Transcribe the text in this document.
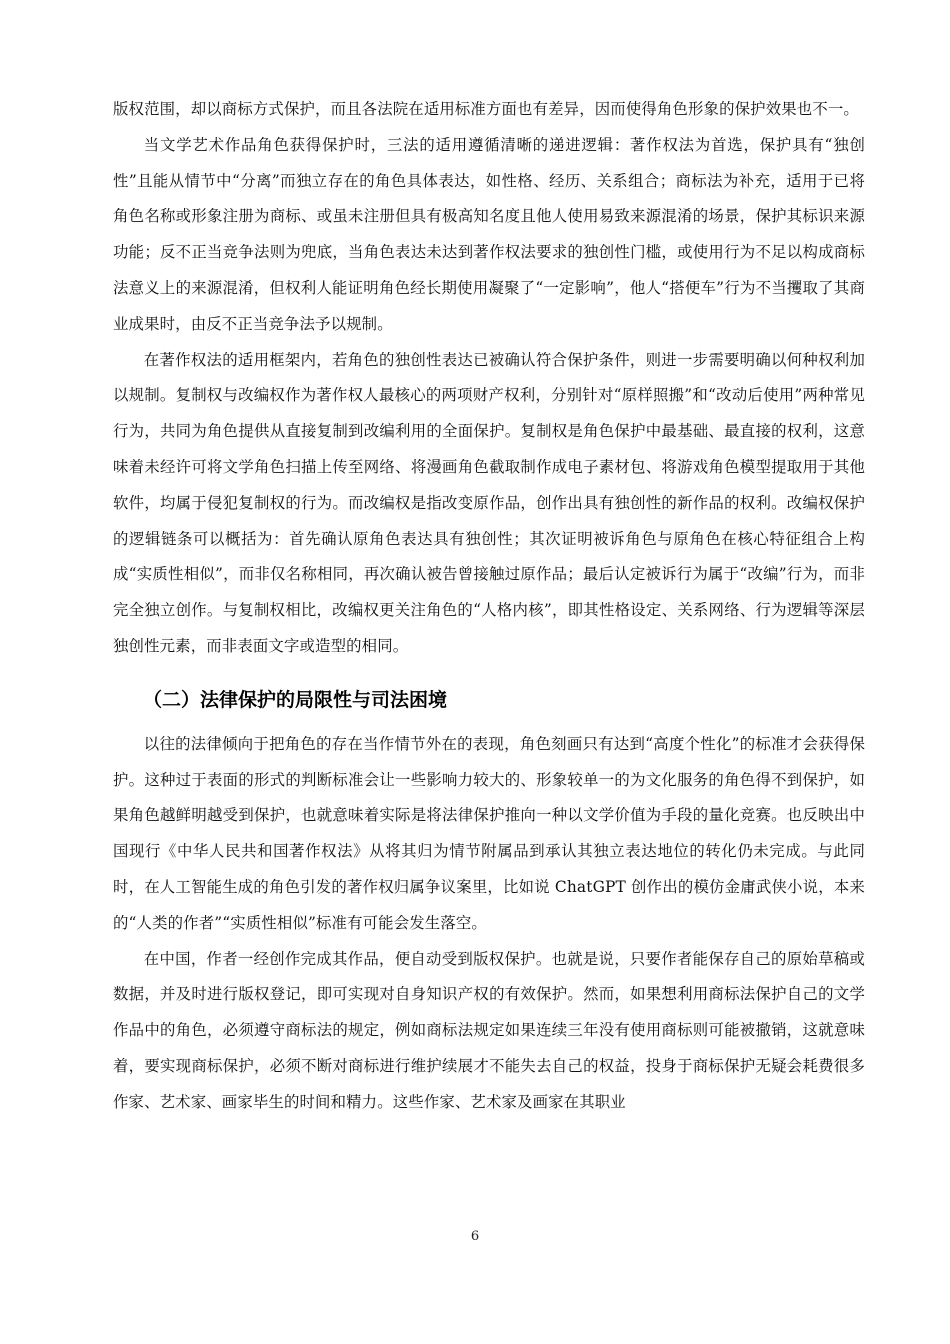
版权范围，却以商标方式保护，而且各法院在适用标准方面也有差异，因而使得角色形象的保护效果也不一。

当文学艺术作品角色获得保护时，三法的适用遵循清晰的递进逻辑：著作权法为首选，保护具有“独创性”且能从情节中“分离”而独立存在的角色具体表达，如性格、经历、关系组合；商标法为补充，适用于已将角色名称或形象注册为商标、或虽未注册但具有极高知名度且他人使用易致来源混淆的场景，保护其标识来源功能；反不正当竞争法则为兜底，当角色表达未达到著作权法要求的独创性门槛，或使用行为不足以构成商标法意义上的来源混淆，但权利人能证明角色经长期使用凝聚了“一定影响”，他人“搭便车”行为不当攫取了其商业成果时，由反不正当竞争法予以规制。

在著作权法的适用框架内，若角色的独创性表达已被确认符合保护条件，则进一步需要明确以何种权利加以规制。复制权与改编权作为著作权人最核心的两项财产权利，分别针对“原样照搬”和“改动后使用”两种常见行为，共同为角色提供从直接复制到改编利用的全面保护。复制权是角色保护中最基础、最直接的权利，这意味着未经许可将文学角色扫描上传至网络、将漫画角色截取制作成电子素材包、将游戏角色模型提取用于其他软件，均属于侵犯复制权的行为。而改编权是指改变原作品，创作出具有独创性的新作品的权利。改编权保护的逻辑链条可以概括为：首先确认原角色表达具有独创性；其次证明被诉角色与原角色在核心特征组合上构成“实质性相似”，而非仅名称相同，再次确认被告曾接触过原作品；最后认定被诉行为属于“改编”行为，而非完全独立创作。与复制权相比，改编权更关注角色的“人格内核”，即其性格设定、关系网络、行为逻辑等深层独创性元素，而非表面文字或造型的相同。

（二）法律保护的局限性与司法困境

以往的法律倾向于把角色的存在当作情节外在的表现，角色刻画只有达到“高度个性化”的标准才会获得保护。这种过于表面的形式的判断标准会让一些影响力较大的、形象较单一的为文化服务的角色得不到保护，如果角色越鲜明越受到保护，也就意味着实际是将法律保护推向一种以文学价值为手段的量化竞赛。也反映出中国现行《中华人民共和国著作权法》从将其归为情节附属品到承认其独立表达地位的转化仍未完成。与此同时，在人工智能生成的角色引发的著作权归属争议案里，比如说 ChatGPT 创作出的模仿金庸武侠小说，本来的“人类的作者”“实质性相似”标准有可能会发生落空。

在中国，作者一经创作完成其作品，便自动受到版权保护。也就是说，只要作者能保存自己的原始草稿或数据，并及时进行版权登记，即可实现对自身知识产权的有效保护。然而，如果想利用商标法保护自己的文学作品中的角色，必须遵守商标法的规定，例如商标法规定如果连续三年没有使用商标则可能被撤销，这就意味着，要实现商标保护，必须不断对商标进行维护续展才不能失去自己的权益，投身于商标保护无疑会耗费很多作家、艺术家、画家毕生的时间和精力。这些作家、艺术家及画家在其职业

6
